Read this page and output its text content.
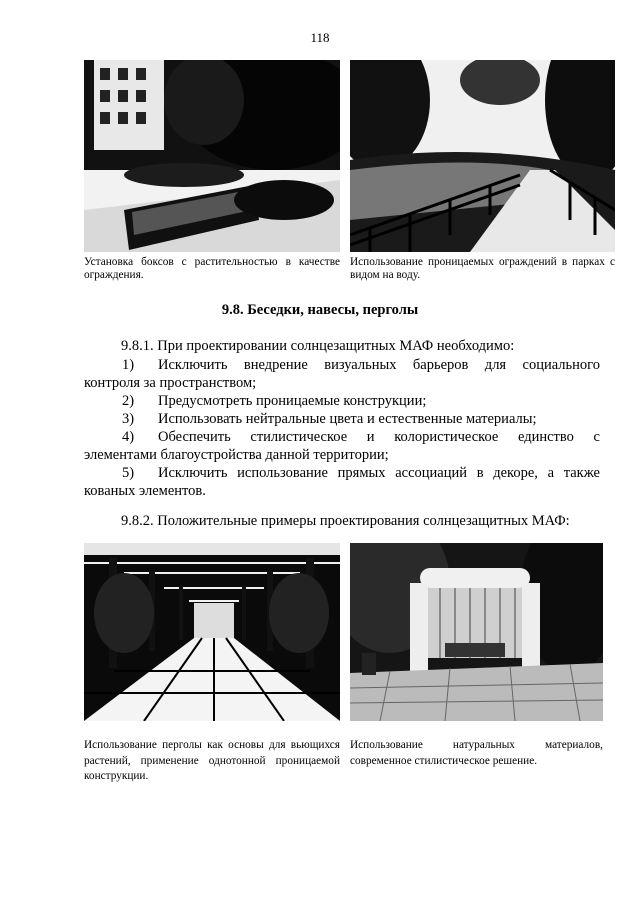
118
Установка боксов с растительностью в качестве ограждения.
Использование проницаемых ограждений в парках с видом на воду.
9.8. Беседки, навесы, перголы
9.8.1. При проектировании солнцезащитных МАФ необходимо:
1) Исключить внедрение визуальных барьеров для социального
контроля за пространством;
2) Предусмотреть проницаемые конструкции;
3) Использовать нейтральные цвета и естественные материалы;
4) Обеспечить стилистическое и колористическое единство с
элементами благоустройства данной территории;
5) Исключить использование прямых ассоциаций в декоре, а также
кованых элементов.
9.8.2. Положительные примеры проектирования солнцезащитных МАФ:
Использование перголы как основы для вьющихся растений, применение однотонной проницаемой конструкции.
Использование натуральных материалов, современное стилистическое решение.
